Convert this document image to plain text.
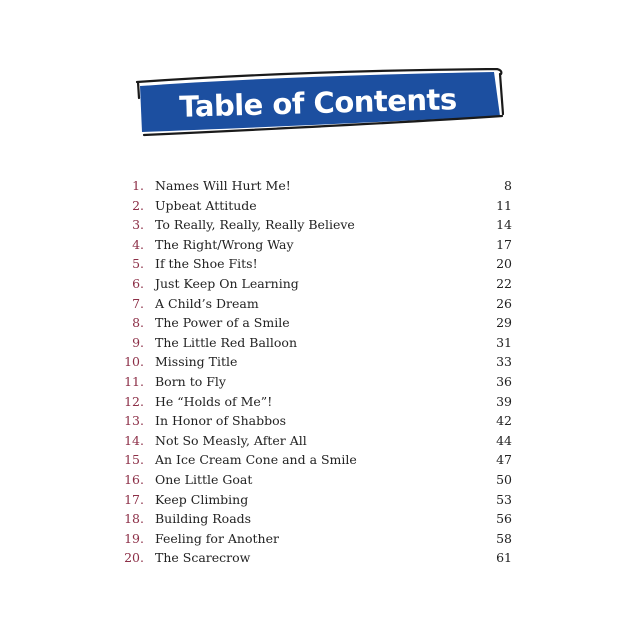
Table of Contents
1. Names Will Hurt Me!	8
2. Upbeat Attitude	11
3. To Really, Really, Really Believe	14
4. The Right/Wrong Way	17
5. If the Shoe Fits!	20
6. Just Keep On Learning	22
7. A Child’s Dream	26
8. The Power of a Smile	29
9. The Little Red Balloon	31
10. Missing Title	33
11. Born to Fly	36
12. He “Holds of Me”!	39
13. In Honor of Shabbos	42
14. Not So Measly, After All	44
15. An Ice Cream Cone and a Smile	47
16. One Little Goat	50
17. Keep Climbing	53
18. Building Roads	56
19. Feeling for Another	58
20. The Scarecrow	61
